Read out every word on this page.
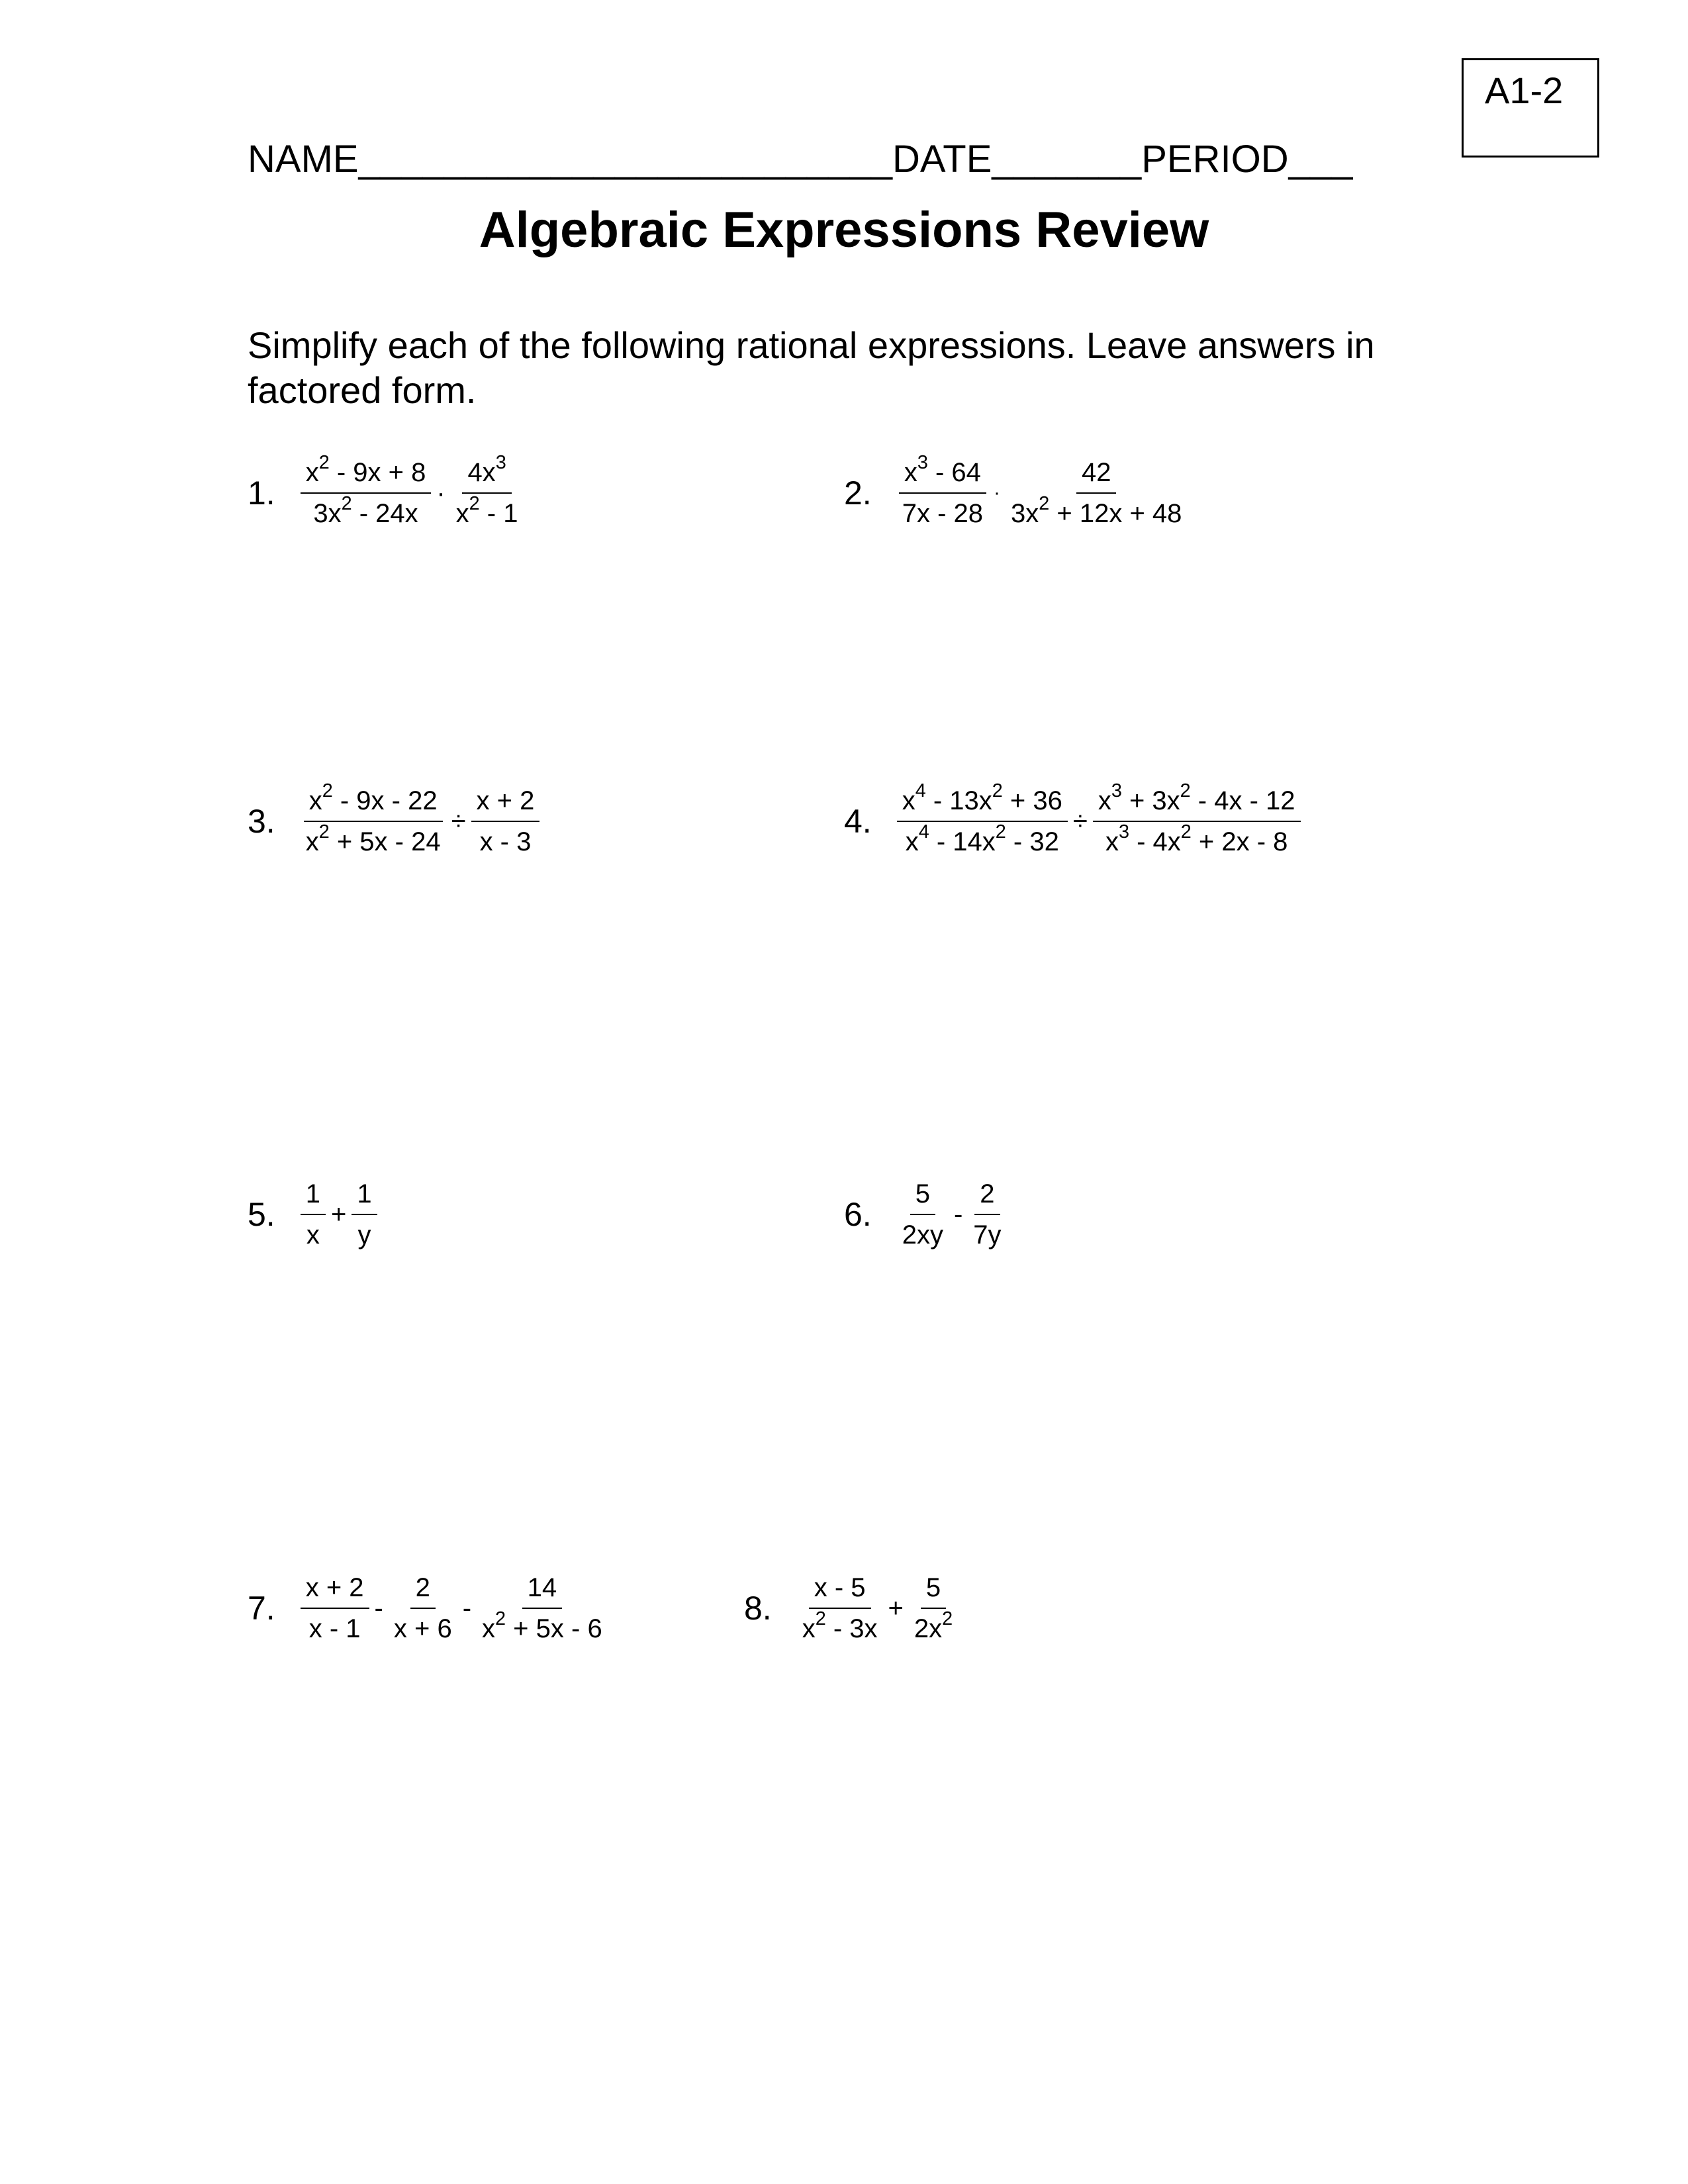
A1-2
NAME_________________________DATE_______PERIOD___
Algebraic Expressions Review
Simplify each of the following rational expressions. Leave answers in factored form.
1. $\frac{x^2 - 9x + 8}{3x^2 - 24x} \cdot \frac{4x^3}{x^2 - 1}$	2. $\frac{x^3 - 64}{7x - 28} \cdot \frac{42}{3x^2 + 12x + 48}$
3. $\frac{x^2 - 9x - 22}{x^2 + 5x - 24} \div \frac{x + 2}{x - 3}$	4. $\frac{x^4 - 13x^2 + 36}{x^4 - 14x^2 - 32} \div \frac{x^3 + 3x^2 - 4x - 12}{x^3 - 4x^2 + 2x - 8}$
5. $\frac{1}{x} + \frac{1}{y}$	6. $\frac{5}{2xy} - \frac{2}{7y}$
7. $\frac{x + 2}{x - 1} - \frac{2}{x + 6} - \frac{14}{x^2 + 5x - 6}$	8. $\frac{x - 5}{x^2 - 3x} + \frac{5}{2x^2}$
